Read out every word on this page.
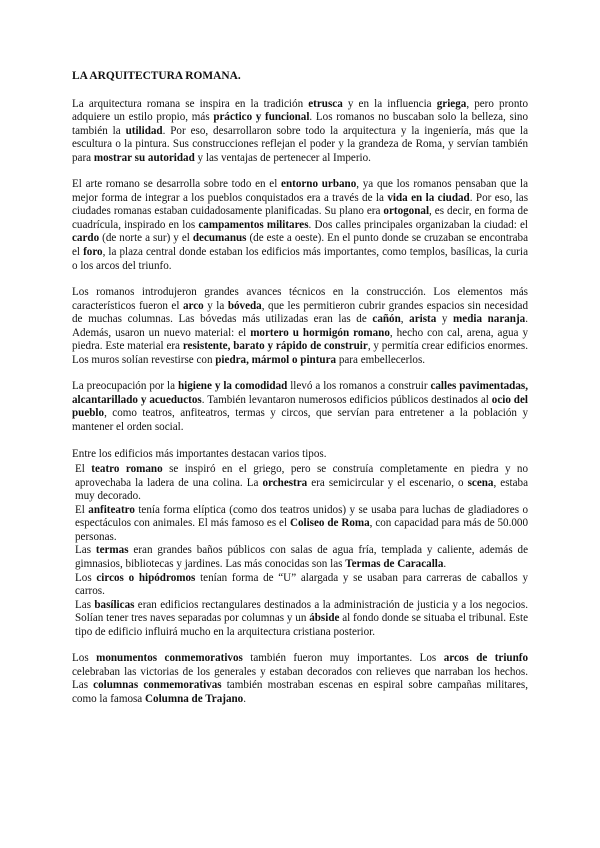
LA ARQUITECTURA ROMANA.

La arquitectura romana se inspira en la tradición etrusca y en la influencia griega, pero pronto adquiere un estilo propio, más práctico y funcional. Los romanos no buscaban solo la belleza, sino también la utilidad. Por eso, desarrollaron sobre todo la arquitectura y la ingeniería, más que la escultura o la pintura. Sus construcciones reflejan el poder y la grandeza de Roma, y servían también para mostrar su autoridad y las ventajas de pertenecer al Imperio.

El arte romano se desarrolla sobre todo en el entorno urbano, ya que los romanos pensaban que la mejor forma de integrar a los pueblos conquistados era a través de la vida en la ciudad. Por eso, las ciudades romanas estaban cuidadosamente planificadas. Su plano era ortogonal, es decir, en forma de cuadrícula, inspirado en los campamentos militares. Dos calles principales organizaban la ciudad: el cardo (de norte a sur) y el decumanus (de este a oeste). En el punto donde se cruzaban se encontraba el foro, la plaza central donde estaban los edificios más importantes, como templos, basílicas, la curia o los arcos del triunfo.

Los romanos introdujeron grandes avances técnicos en la construcción. Los elementos más característicos fueron el arco y la bóveda, que les permitieron cubrir grandes espacios sin necesidad de muchas columnas. Las bóvedas más utilizadas eran las de cañón, arista y media naranja. Además, usaron un nuevo material: el mortero u hormigón romano, hecho con cal, arena, agua y piedra. Este material era resistente, barato y rápido de construir, y permitía crear edificios enormes. Los muros solían revestirse con piedra, mármol o pintura para embellecerlos.

La preocupación por la higiene y la comodidad llevó a los romanos a construir calles pavimentadas, alcantarillado y acueductos. También levantaron numerosos edificios públicos destinados al ocio del pueblo, como teatros, anfiteatros, termas y circos, que servían para entretener a la población y mantener el orden social.

Entre los edificios más importantes destacan varios tipos.

El teatro romano se inspiró en el griego, pero se construía completamente en piedra y no aprovechaba la ladera de una colina. La orchestra era semicircular y el escenario, o scena, estaba muy decorado.

El anfiteatro tenía forma elíptica (como dos teatros unidos) y se usaba para luchas de gladiadores o espectáculos con animales. El más famoso es el Coliseo de Roma, con capacidad para más de 50.000 personas.

Las termas eran grandes baños públicos con salas de agua fría, templada y caliente, además de gimnasios, bibliotecas y jardines. Las más conocidas son las Termas de Caracalla.

Los circos o hipódromos tenían forma de “U” alargada y se usaban para carreras de caballos y carros.

Las basílicas eran edificios rectangulares destinados a la administración de justicia y a los negocios. Solían tener tres naves separadas por columnas y un ábside al fondo donde se situaba el tribunal. Este tipo de edificio influirá mucho en la arquitectura cristiana posterior.

Los monumentos conmemorativos también fueron muy importantes. Los arcos de triunfo celebraban las victorias de los generales y estaban decorados con relieves que narraban los hechos. Las columnas conmemorativas también mostraban escenas en espiral sobre campañas militares, como la famosa Columna de Trajano.
